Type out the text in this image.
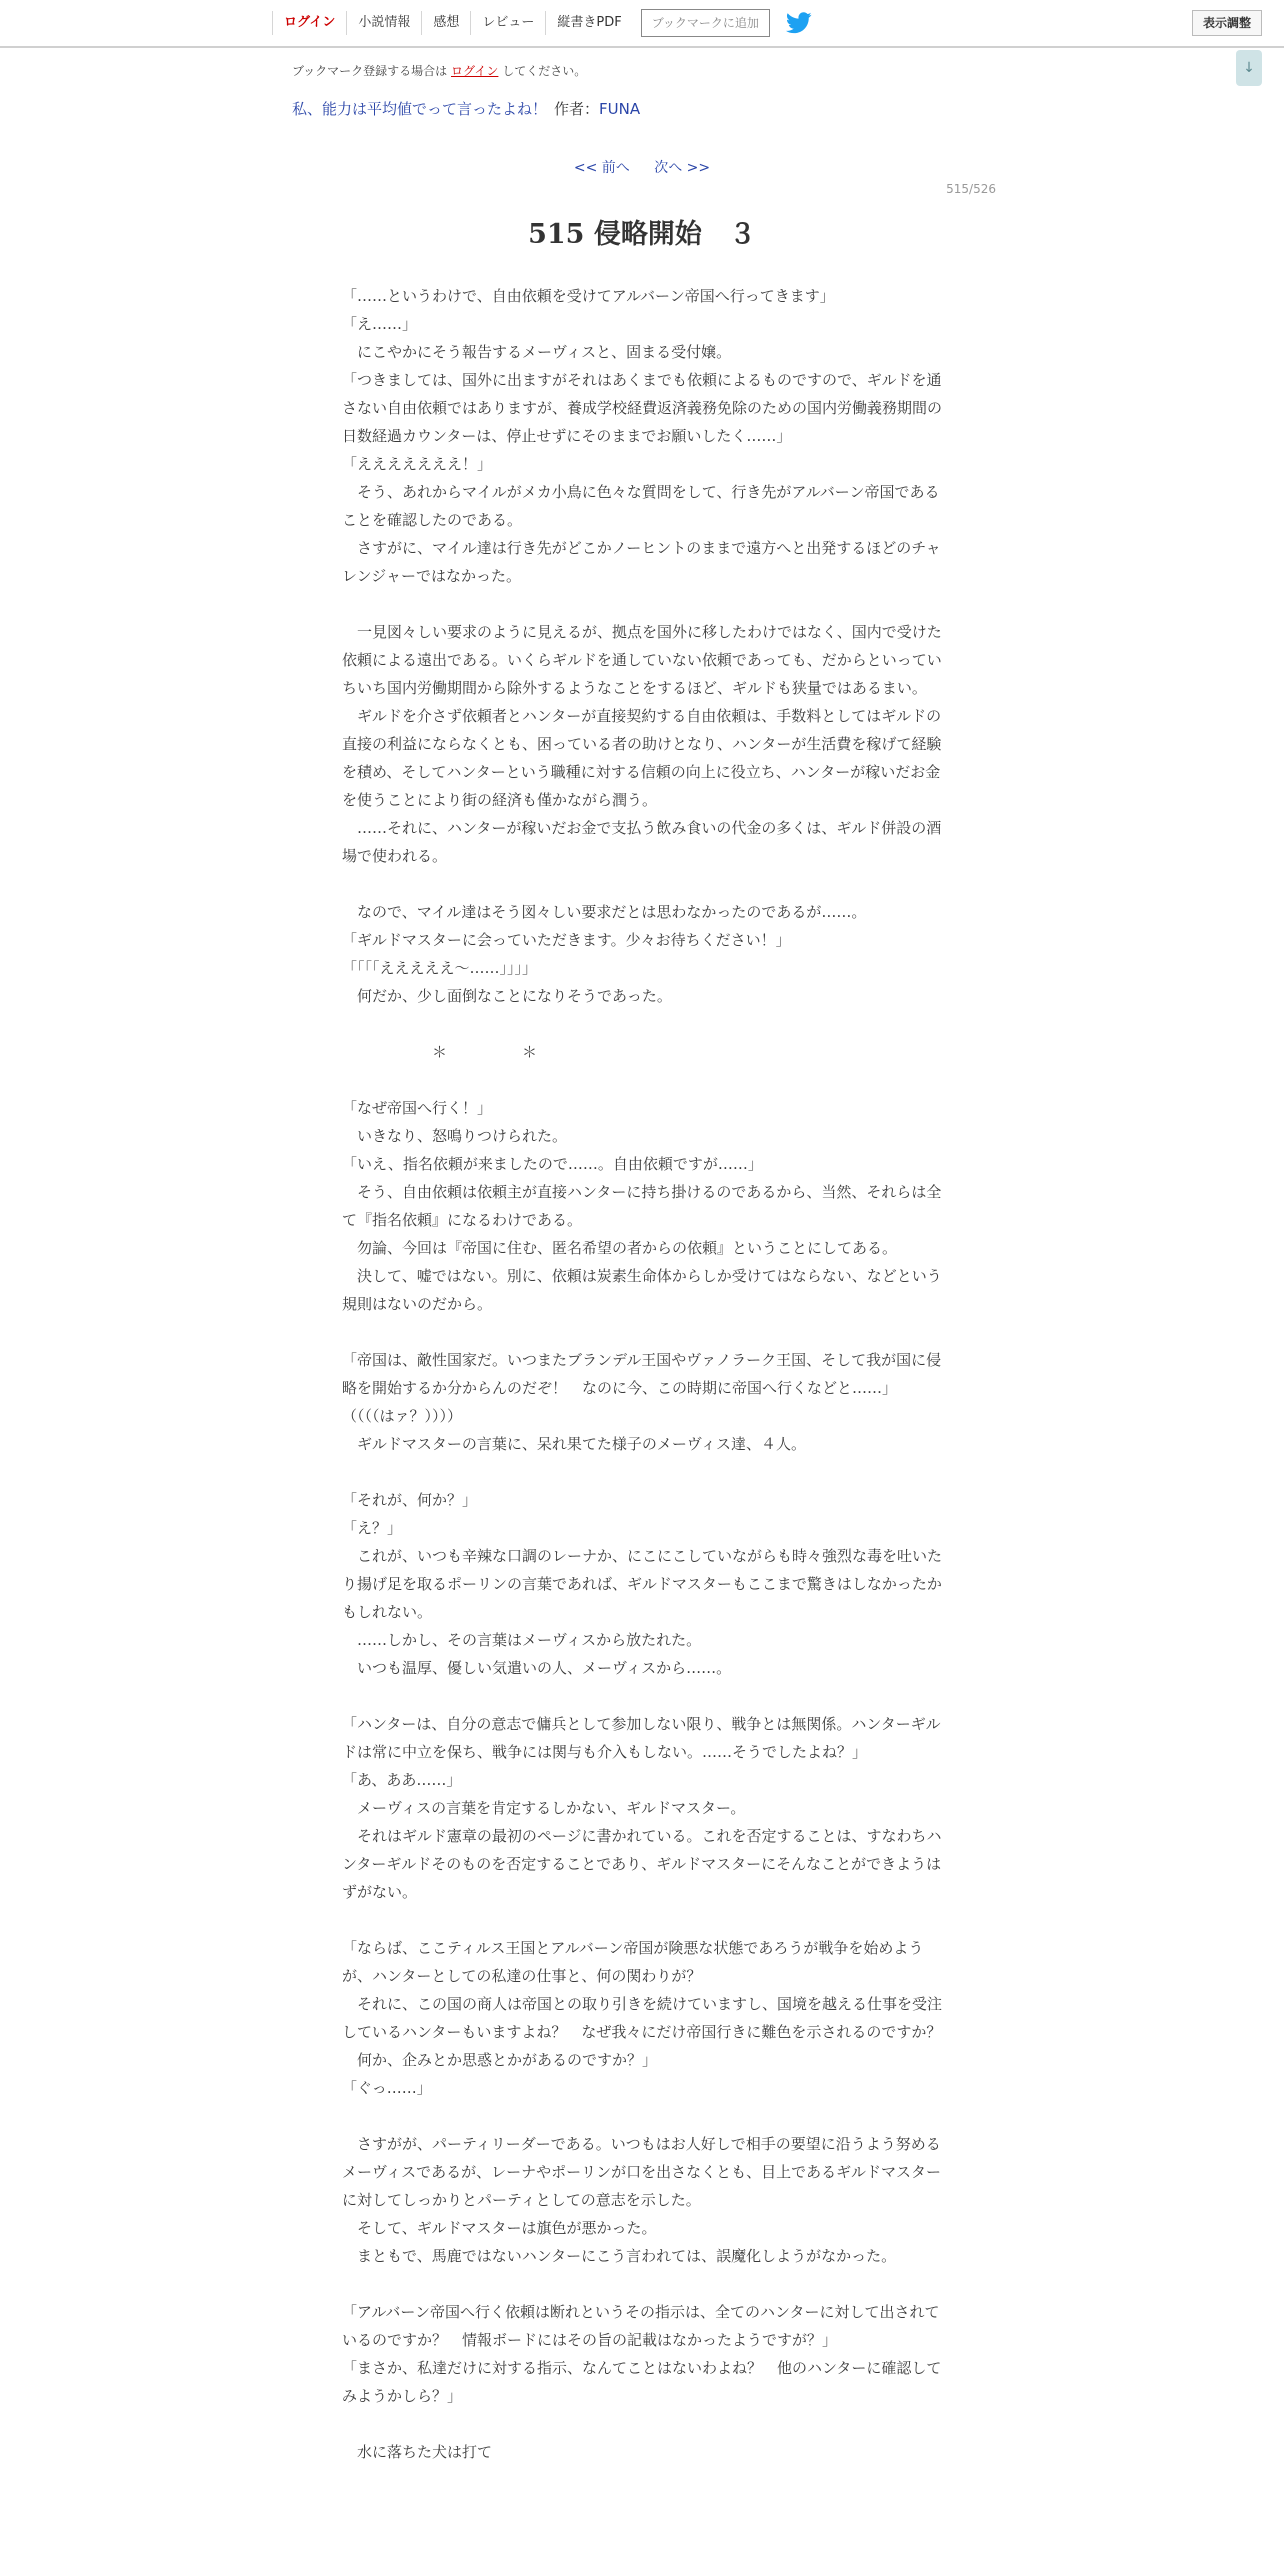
ログイン	小説情報	感想	レビュー	縦書きPDF	ブックマークに追加	表示調整
↓
ブックマーク登録する場合は ログイン してください。
私、能力は平均値でって言ったよね！ 作者：FUNA
<< 前へ 次へ >>
515/526
515 侵略開始　３

「……というわけで、自由依頼を受けてアルバーン帝国へ行ってきます」

「え……」

　にこやかにそう報告するメーヴィスと、固まる受付嬢。

「つきましては、国外に出ますがそれはあくまでも依頼によるものですので、ギルドを通さない自由依頼ではありますが、養成学校経費返済義務免除のための国内労働義務期間の日数経過カウンターは、停止せずにそのままでお願いしたく……」

「えええええええ！」

　そう、あれからマイルがメカ小鳥に色々な質問をして、行き先がアルバーン帝国であることを確認したのである。

　さすがに、マイル達は行き先がどこかノーヒントのままで遠方へと出発するほどのチャレンジャーではなかった。

　一見図々しい要求のように見えるが、拠点を国外に移したわけではなく、国内で受けた依頼による遠出である。いくらギルドを通していない依頼であっても、だからといっていちいち国内労働期間から除外するようなことをするほど、ギルドも狭量ではあるまい。

　ギルドを介さず依頼者とハンターが直接契約する自由依頼は、手数料としてはギルドの直接の利益にならなくとも、困っている者の助けとなり、ハンターが生活費を稼げて経験を積め、そしてハンターという職種に対する信頼の向上に役立ち、ハンターが稼いだお金を使うことにより街の経済も僅かながら潤う。

　……それに、ハンターが稼いだお金で支払う飲み食いの代金の多くは、ギルド併設の酒場で使われる。

　なので、マイル達はそう図々しい要求だとは思わなかったのであるが……。

「ギルドマスターに会っていただきます。少々お待ちください！」

「「「「えええええ～……」」」」

　何だか、少し面倒なことになりそうであった。

　　　　　　＊　　　　　＊

「なぜ帝国へ行く！」

　いきなり、怒鳴りつけられた。

「いえ、指名依頼が来ましたので……。自由依頼ですが……」

　そう、自由依頼は依頼主が直接ハンターに持ち掛けるのであるから、当然、それらは全て『指名依頼』になるわけである。

　勿論、今回は『帝国に住む、匿名希望の者からの依頼』ということにしてある。

　決して、嘘ではない。別に、依頼は炭素生命体からしか受けてはならない、などという規則はないのだから。

「帝国は、敵性国家だ。いつまたブランデル王国やヴァノラーク王国、そして我が国に侵略を開始するか分からんのだぞ！　なのに今、この時期に帝国へ行くなどと……」

（（（（はァ？））））

　ギルドマスターの言葉に、呆れ果てた様子のメーヴィス達、４人。

「それが、何か？」

「え？」

　これが、いつも辛辣な口調のレーナか、にこにこしていながらも時々強烈な毒を吐いたり揚げ足を取るポーリンの言葉であれば、ギルドマスターもここまで驚きはしなかったかもしれない。

　……しかし、その言葉はメーヴィスから放たれた。

　いつも温厚、優しい気遣いの人、メーヴィスから……。

「ハンターは、自分の意志で傭兵として参加しない限り、戦争とは無関係。ハンターギルドは常に中立を保ち、戦争には関与も介入もしない。……そうでしたよね？」

「あ、ああ……」

　メーヴィスの言葉を肯定するしかない、ギルドマスター。

　それはギルド憲章の最初のページに書かれている。これを否定することは、すなわちハンターギルドそのものを否定することであり、ギルドマスターにそんなことができようはずがない。

「ならば、ここティルス王国とアルバーン帝国が険悪な状態であろうが戦争を始めようが、ハンターとしての私達の仕事と、何の関わりが？

　それに、この国の商人は帝国との取り引きを続けていますし、国境を越える仕事を受注しているハンターもいますよね？　なぜ我々にだけ帝国行きに難色を示されるのですか？

　何か、企みとか思惑とかがあるのですか？」

「ぐっ……」

　さすがが、パーティリーダーである。いつもはお人好しで相手の要望に沿うよう努めるメーヴィスであるが、レーナやポーリンが口を出さなくとも、目上であるギルドマスターに対してしっかりとパーティとしての意志を示した。

　そして、ギルドマスターは旗色が悪かった。

　まともで、馬鹿ではないハンターにこう言われては、誤魔化しようがなかった。

「アルバーン帝国へ行く依頼は断れというその指示は、全てのハンターに対して出されているのですか？　情報ボードにはその旨の記載はなかったようですが？」

「まさか、私達だけに対する指示、なんてことはないわよね？　他のハンターに確認してみようかしら？」

　水に落ちた犬は打て
